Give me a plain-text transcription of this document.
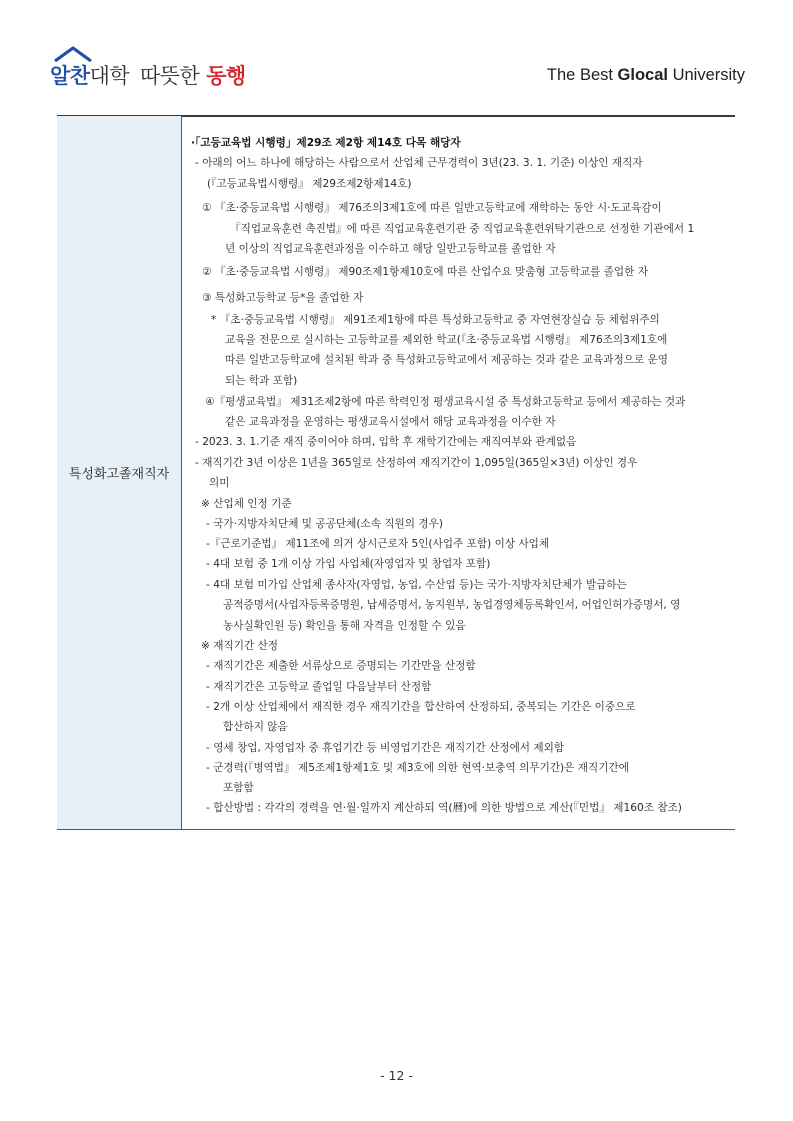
알찬대학 따뜻한 동행	The Best Glocal University
특성화고졸재직자
·「고등교육법 시행령」제29조 제2항 제14호 다목 해당자
- 아래의 어느 하나에 해당하는 사람으로서 산업체 근무경력이 3년(23. 3. 1. 기준) 이상인 재직자
(『고등교육법시행령』 제29조제2항제14호)
① 『초·중등교육법 시행령』 제76조의3제1호에 따른 일반고등학교에 재학하는 동안 시·도교육감이
『직업교육훈련 촉진법』에 따른 직업교육훈련기관 중 직업교육훈련위탁기관으로 선정한 기관에서 1
년 이상의 직업교육훈련과정을 이수하고 해당 일반고등학교를 졸업한 자
② 『초·중등교육법 시행령』 제90조제1항제10호에 따른 산업수요 맞춤형 고등학교를 졸업한 자
③ 특성화고등학교 등*을 졸업한 자
* 『초·중등교육법 시행령』 제91조제1항에 따른 특성화고등학교 중 자연현장실습 등 체험위주의
교육을 전문으로 실시하는 고등학교를 제외한 학교(『초·중등교육법 시행령』 제76조의3제1호에
따른 일반고등학교에 설치된 학과 중 특성화고등학교에서 제공하는 것과 같은 교육과정으로 운영
되는 학과 포함)
④『평생교육법』 제31조제2항에 따른 학력인정 평생교육시설 중 특성화고등학교 등에서 제공하는 것과
같은 교육과정을 운영하는 평생교육시설에서 해당 교육과정을 이수한 자
- 2023. 3. 1.기준 재직 중이어야 하며, 입학 후 재학기간에는 재직여부와 관계없음
- 재직기간 3년 이상은 1년을 365일로 산정하여 재직기간이 1,095일(365일×3년) 이상인 경우
의미
※ 산업체 인정 기준
- 국가·지방자치단체 및 공공단체(소속 직원의 경우)
-『근로기준법』 제11조에 의거 상시근로자 5인(사업주 포함) 이상 사업체
- 4대 보험 중 1개 이상 가입 사업체(자영업자 및 창업자 포함)
- 4대 보험 미가입 산업체 종사자(자영업, 농업, 수산업 등)는 국가·지방자치단체가 발급하는
공적증명서(사업자등록증명원, 납세증명서, 농지원부, 농업경영체등록확인서, 어업인허가증명서, 영
농사실확인원 등) 확인을 통해 자격을 인정할 수 있음
※ 재직기간 산정
- 재직기간은 제출한 서류상으로 증명되는 기간만을 산정함
- 재직기간은 고등학교 졸업일 다음날부터 산정함
- 2개 이상 산업체에서 재직한 경우 재직기간을 합산하여 산정하되, 중복되는 기간은 이중으로
합산하지 않음
- 영세 창업, 자영업자 중 휴업기간 등 비영업기간은 재직기간 산정에서 제외함
- 군경력(『병역법』 제5조제1항제1호 및 제3호에 의한 현역·보충역 의무기간)은 재직기간에
포함함
- 합산방법 : 각각의 경력을 연·월·일까지 계산하되 역(曆)에 의한 방법으로 계산(『민법』 제160조 참조)
- 12 -
